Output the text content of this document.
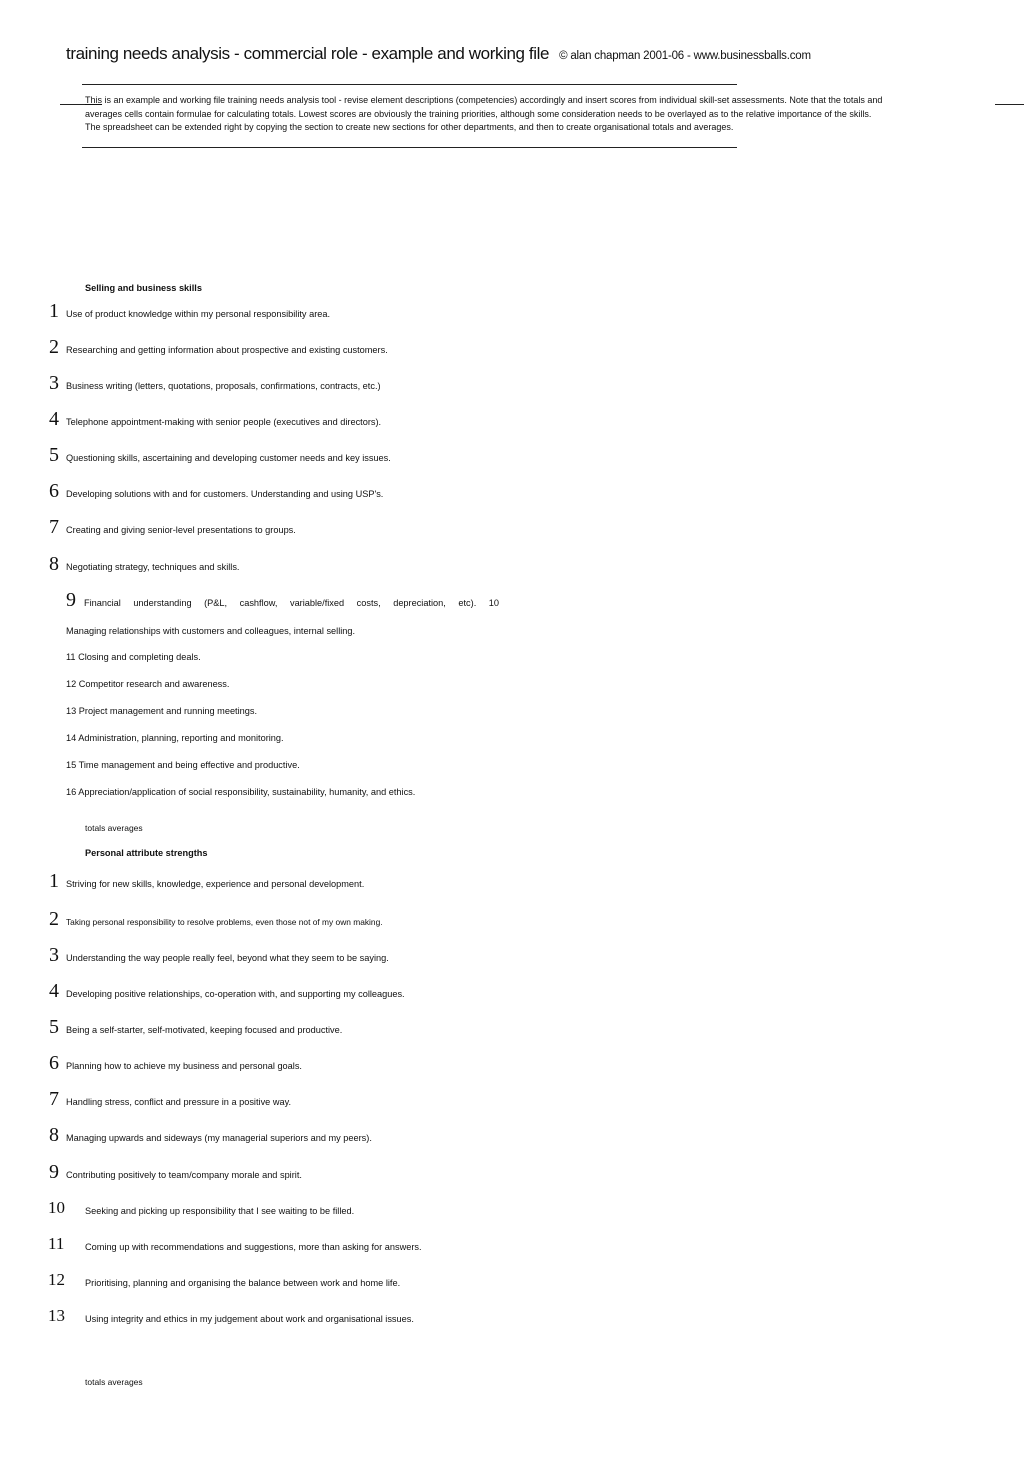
training needs analysis - commercial role - example and working file © alan chapman 2001-06 - www.businessballs.com
This is an example and working file training needs analysis tool - revise element descriptions (competencies) accordingly and insert scores from individual skill-set assessments. Note that the totals and
averages cells contain formulae for calculating totals. Lowest scores are obviously the training priorities, although some consideration needs to be overlayed as to the relative importance of the skills.
The spreadsheet can be extended right by copying the section to create new sections for other departments, and then to create organisational totals and averages.
Selling and business skills
1 Use of product knowledge within my personal responsibility area.
2 Researching and getting information about prospective and existing customers.
3 Business writing (letters, quotations, proposals, confirmations, contracts, etc.)
4 Telephone appointment-making with senior people (executives and directors).
5 Questioning skills, ascertaining and developing customer needs and key issues.
6 Developing solutions with and for customers. Understanding and using USP's.
7 Creating and giving senior-level presentations to groups.
8 Negotiating strategy, techniques and skills.
9 Financial understanding (P&L, cashflow, variable/fixed costs, depreciation, etc). 10
Managing relationships with customers and colleagues, internal selling.
11 Closing and completing deals.
12 Competitor research and awareness.
13 Project management and running meetings.
14 Administration, planning, reporting and monitoring.
15 Time management and being effective and productive.
16 Appreciation/application of social responsibility, sustainability, humanity, and ethics.
totals averages
Personal attribute strengths
1 Striving for new skills, knowledge, experience and personal development.
2 Taking personal responsibility to resolve problems, even those not of my own making.
3 Understanding the way people really feel, beyond what they seem to be saying.
4 Developing positive relationships, co-operation with, and supporting my colleagues.
5 Being a self-starter, self-motivated, keeping focused and productive.
6 Planning how to achieve my business and personal goals.
7 Handling stress, conflict and pressure in a positive way.
8 Managing upwards and sideways (my managerial superiors and my peers).
9 Contributing positively to team/company morale and spirit.
10 Seeking and picking up responsibility that I see waiting to be filled.
11 Coming up with recommendations and suggestions, more than asking for answers.
12 Prioritising, planning and organising the balance between work and home life.
13 Using integrity and ethics in my judgement about work and organisational issues.
totals averages
